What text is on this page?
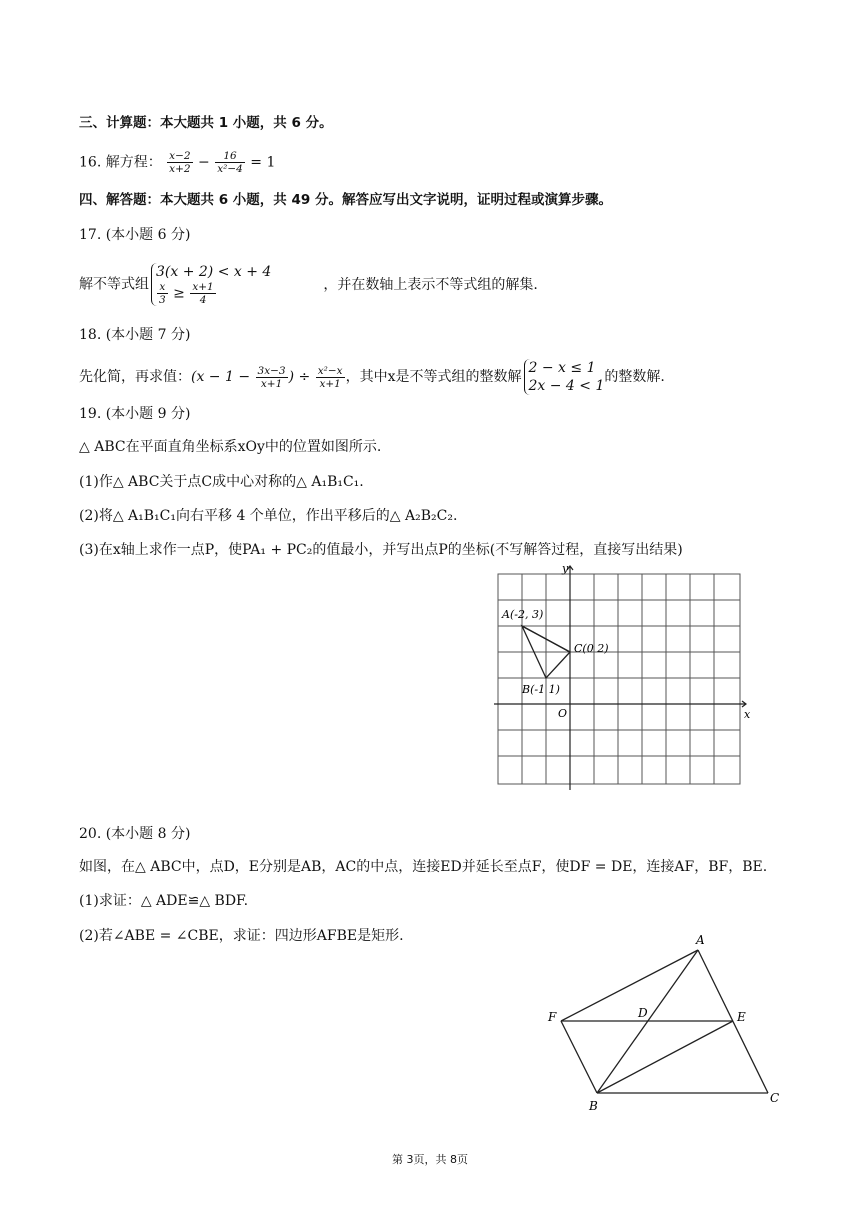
三、计算题：本大题共 1 小题，共 6 分。
16. 解方程： $\frac{x-2}{x+2} - \frac{16}{\text{x²−4}} = 1$
四、解答题：本大题共 6 小题，共 49 分。解答应写出文字说明，证明过程或演算步骤。
17. (本小题 6 分)
解不等式组
3(x + 2) < x + 4
$\frac{x}{3} \ge \frac{x+1}{4}$	，并在数轴上表示不等式组的解集.
18. (本小题 7 分)
先化简，再求值：($x - 1 - \frac{3x-3}{x+1}$ ) ÷ $\frac{\text{x²−x}}{x+1}$ ，其中x是不等式组的整数解
2 − x ≤ 1
2x − 4 < 1
的整数解.
19. (本小题 9 分)
△ ABC在平面直角坐标系xOy中的位置如图所示.
(1)作△ ABC关于点C成中心对称的△ A₁B₁C₁.
(2)将△ A₁B₁C₁向右平移 4 个单位，作出平移后的△ A₂B₂C₂.
(3)在x轴上求作一点P，使PA₁ + PC₂的值最小，并写出点P的坐标(不写解答过程，直接写出结果)
A(-2, 3)
B(-1 1)
C(0 2)
O	x
y
20. (本小题 8 分)
如图，在△ ABC中，点D，E分别是AB，AC的中点，连接ED并延长至点F，使DF = DE，连接AF，BF，BE.
(1)求证：△ ADE≌△ BDF.
(2)若∠ABE = ∠CBE，求证：四边形AFBE是矩形.	A
B
C
D	E
F
第 3页，共 8页
